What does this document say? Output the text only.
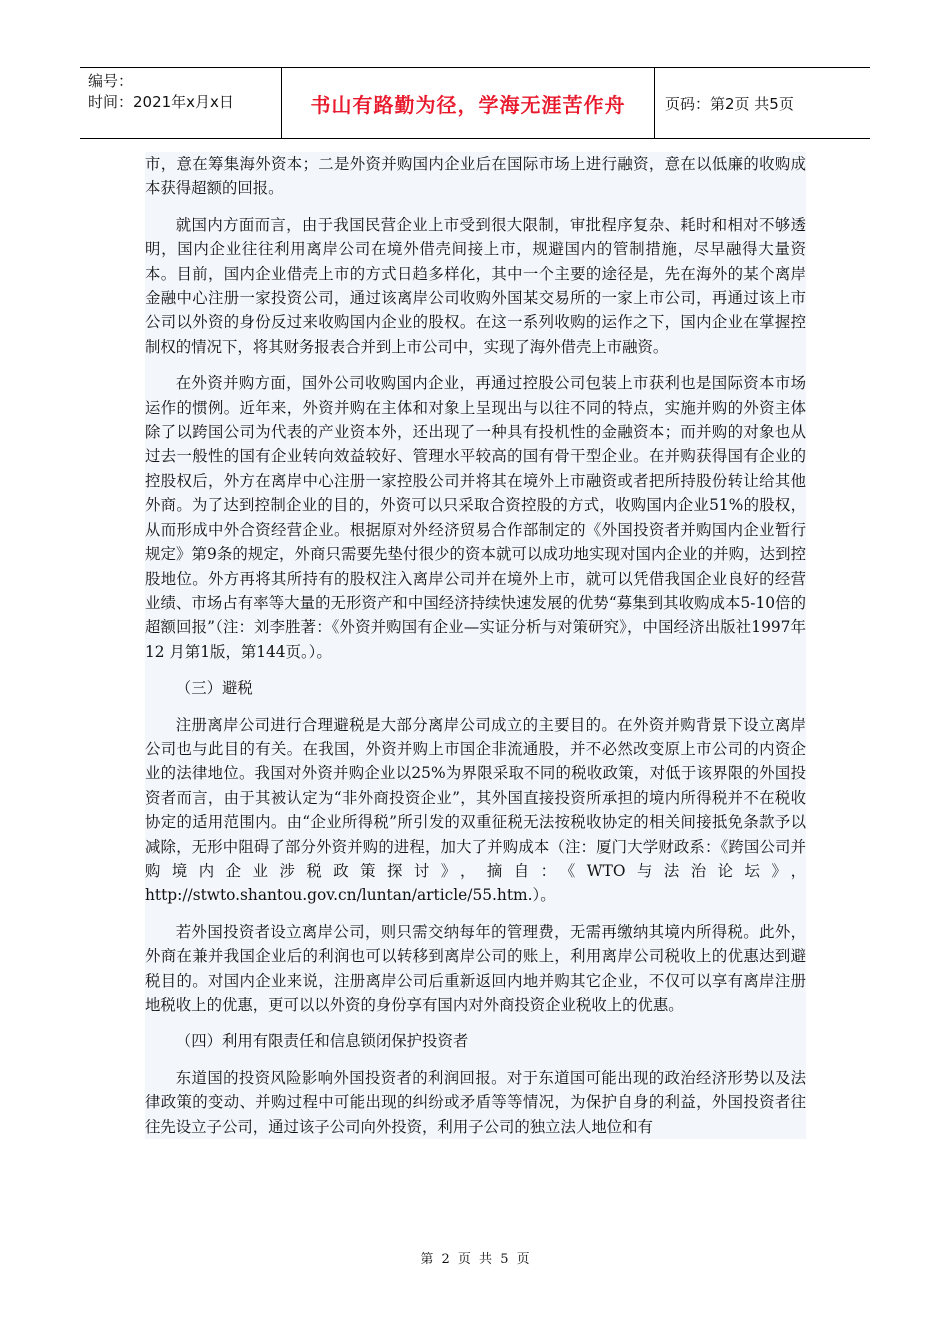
编号：
时间：2021年x月x日	书山有路勤为径，学海无涯苦作舟	页码：第2页 共5页

市，意在筹集海外资本；二是外资并购国内企业后在国际市场上进行融资，意在以低廉的收购成本获得超额的回报。

就国内方面而言，由于我国民营企业上市受到很大限制，审批程序复杂、耗时和相对不够透明，国内企业往往利用离岸公司在境外借壳间接上市，规避国内的管制措施，尽早融得大量资本。目前，国内企业借壳上市的方式日趋多样化，其中一个主要的途径是，先在海外的某个离岸金融中心注册一家投资公司，通过该离岸公司收购外国某交易所的一家上市公司，再通过该上市公司以外资的身份反过来收购国内企业的股权。在这一系列收购的运作之下，国内企业在掌握控制权的情况下，将其财务报表合并到上市公司中，实现了海外借壳上市融资。

在外资并购方面，国外公司收购国内企业，再通过控股公司包装上市获利也是国际资本市场运作的惯例。近年来，外资并购在主体和对象上呈现出与以往不同的特点，实施并购的外资主体除了以跨国公司为代表的产业资本外，还出现了一种具有投机性的金融资本；而并购的对象也从过去一般性的国有企业转向效益较好、管理水平较高的国有骨干型企业。在并购获得国有企业的控股权后，外方在离岸中心注册一家控股公司并将其在境外上市融资或者把所持股份转让给其他外商。为了达到控制企业的目的，外资可以只采取合资控股的方式，收购国内企业51%的股权，从而形成中外合资经营企业。根据原对外经济贸易合作部制定的《外国投资者并购国内企业暂行规定》第9条的规定，外商只需要先垫付很少的资本就可以成功地实现对国内企业的并购，达到控股地位。外方再将其所持有的股权注入离岸公司并在境外上市，就可以凭借我国企业良好的经营业绩、市场占有率等大量的无形资产和中国经济持续快速发展的优势“募集到其收购成本5-10倍的超额回报”（注：刘李胜著：《外资并购国有企业—实证分析与对策研究》，中国经济出版社1997年12 月第1版，第144页。）。

（三）避税

注册离岸公司进行合理避税是大部分离岸公司成立的主要目的。在外资并购背景下设立离岸公司也与此目的有关。在我国，外资并购上市国企非流通股，并不必然改变原上市公司的内资企业的法律地位。我国对外资并购企业以25%为界限采取不同的税收政策，对低于该界限的外国投资者而言，由于其被认定为“非外商投资企业”，其外国直接投资所承担的境内所得税并不在税收协定的适用范围内。由“企业所得税”所引发的双重征税无法按税收协定的相关间接抵免条款予以减除，无形中阻碍了部分外资并购的进程，加大了并购成本（注：厦门大学财政系：《跨国公司并购境内企业涉税政策探讨》，摘自：《WTO与法治论坛》，http://stwto.shantou.gov.cn/luntan/article/55.htm.）。

若外国投资者设立离岸公司，则只需交纳每年的管理费，无需再缴纳其境内所得税。此外，外商在兼并我国企业后的利润也可以转移到离岸公司的账上，利用离岸公司税收上的优惠达到避税目的。对国内企业来说，注册离岸公司后重新返回内地并购其它企业，不仅可以享有离岸注册地税收上的优惠，更可以以外资的身份享有国内对外商投资企业税收上的优惠。

（四）利用有限责任和信息锁闭保护投资者

东道国的投资风险影响外国投资者的利润回报。对于东道国可能出现的政治经济形势以及法律政策的变动、并购过程中可能出现的纠纷或矛盾等等情况，为保护自身的利益，外国投资者往往先设立子公司，通过该子公司向外投资，利用子公司的独立法人地位和有

第 2 页 共 5 页
